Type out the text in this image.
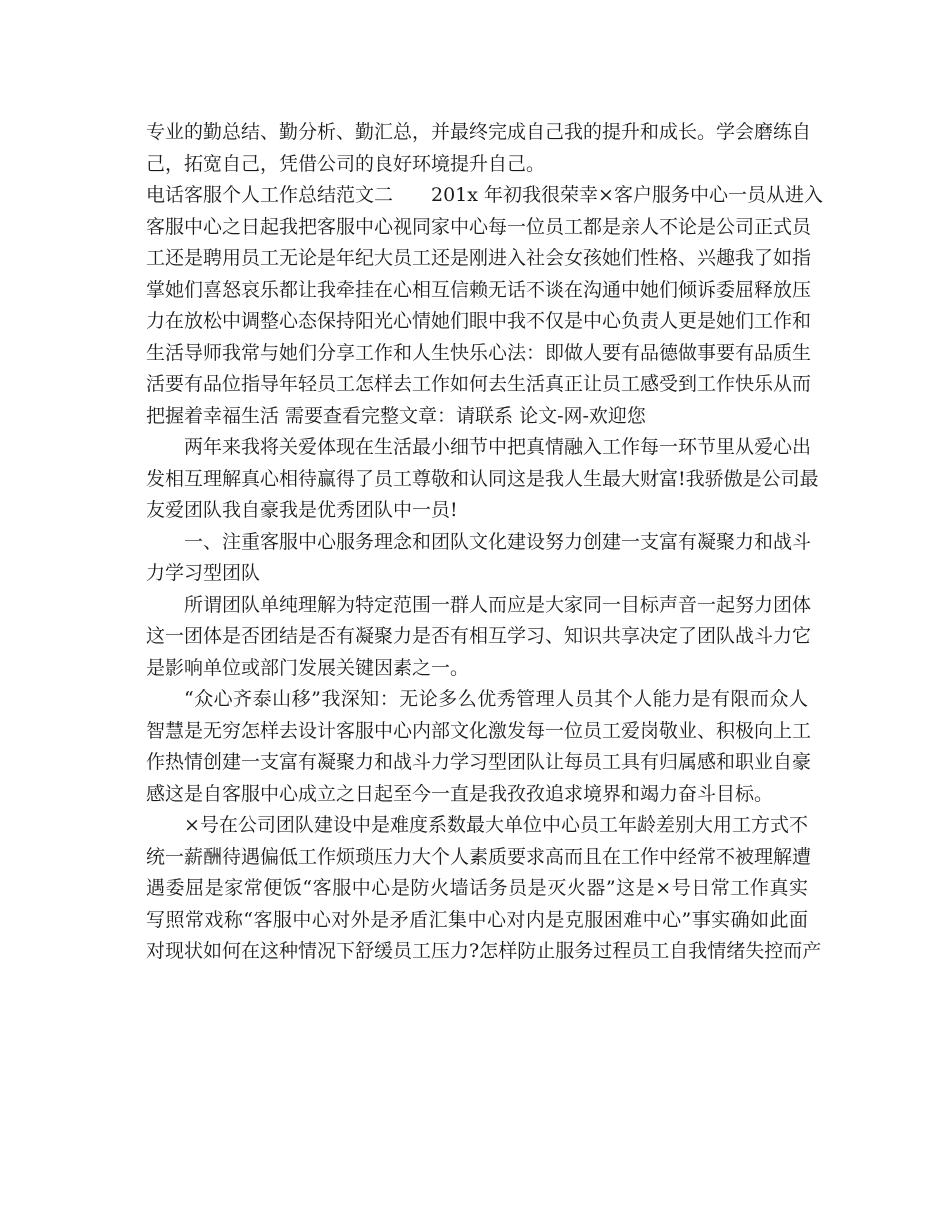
专业的勤总结、勤分析、勤汇总，并最终完成自己我的提升和成长。学会磨练自
己，拓宽自己，凭借公司的良好环境提升自己。
电话客服个人工作总结范文二　　201x 年初我很荣幸×客户服务中心一员从进入
客服中心之日起我把客服中心视同家中心每一位员工都是亲人不论是公司正式员
工还是聘用员工无论是年纪大员工还是刚进入社会女孩她们性格、兴趣我了如指
掌她们喜怒哀乐都让我牵挂在心相互信赖无话不谈在沟通中她们倾诉委屈释放压
力在放松中调整心态保持阳光心情她们眼中我不仅是中心负责人更是她们工作和
生活导师我常与她们分享工作和人生快乐心法：即做人要有品德做事要有品质生
活要有品位指导年轻员工怎样去工作如何去生活真正让员工感受到工作快乐从而
把握着幸福生活 需要查看完整文章：请联系 论文-网-欢迎您
两年来我将关爱体现在生活最小细节中把真情融入工作每一环节里从爱心出
发相互理解真心相待赢得了员工尊敬和认同这是我人生最大财富!我骄傲是公司最
友爱团队我自豪我是优秀团队中一员!
一、注重客服中心服务理念和团队文化建设努力创建一支富有凝聚力和战斗
力学习型团队
所谓团队单纯理解为特定范围一群人而应是大家同一目标声音一起努力团体
这一团体是否团结是否有凝聚力是否有相互学习、知识共享决定了团队战斗力它
是影响单位或部门发展关键因素之一。
“众心齐泰山移”我深知：无论多么优秀管理人员其个人能力是有限而众人
智慧是无穷怎样去设计客服中心内部文化激发每一位员工爱岗敬业、积极向上工
作热情创建一支富有凝聚力和战斗力学习型团队让每员工具有归属感和职业自豪
感这是自客服中心成立之日起至今一直是我孜孜追求境界和竭力奋斗目标。
×号在公司团队建设中是难度系数最大单位中心员工年龄差别大用工方式不
统一薪酬待遇偏低工作烦琐压力大个人素质要求高而且在工作中经常不被理解遭
遇委屈是家常便饭“客服中心是防火墙话务员是灭火器”这是×号日常工作真实
写照常戏称“客服中心对外是矛盾汇集中心对内是克服困难中心”事实确如此面
对现状如何在这种情况下舒缓员工压力?怎样防止服务过程员工自我情绪失控而产
